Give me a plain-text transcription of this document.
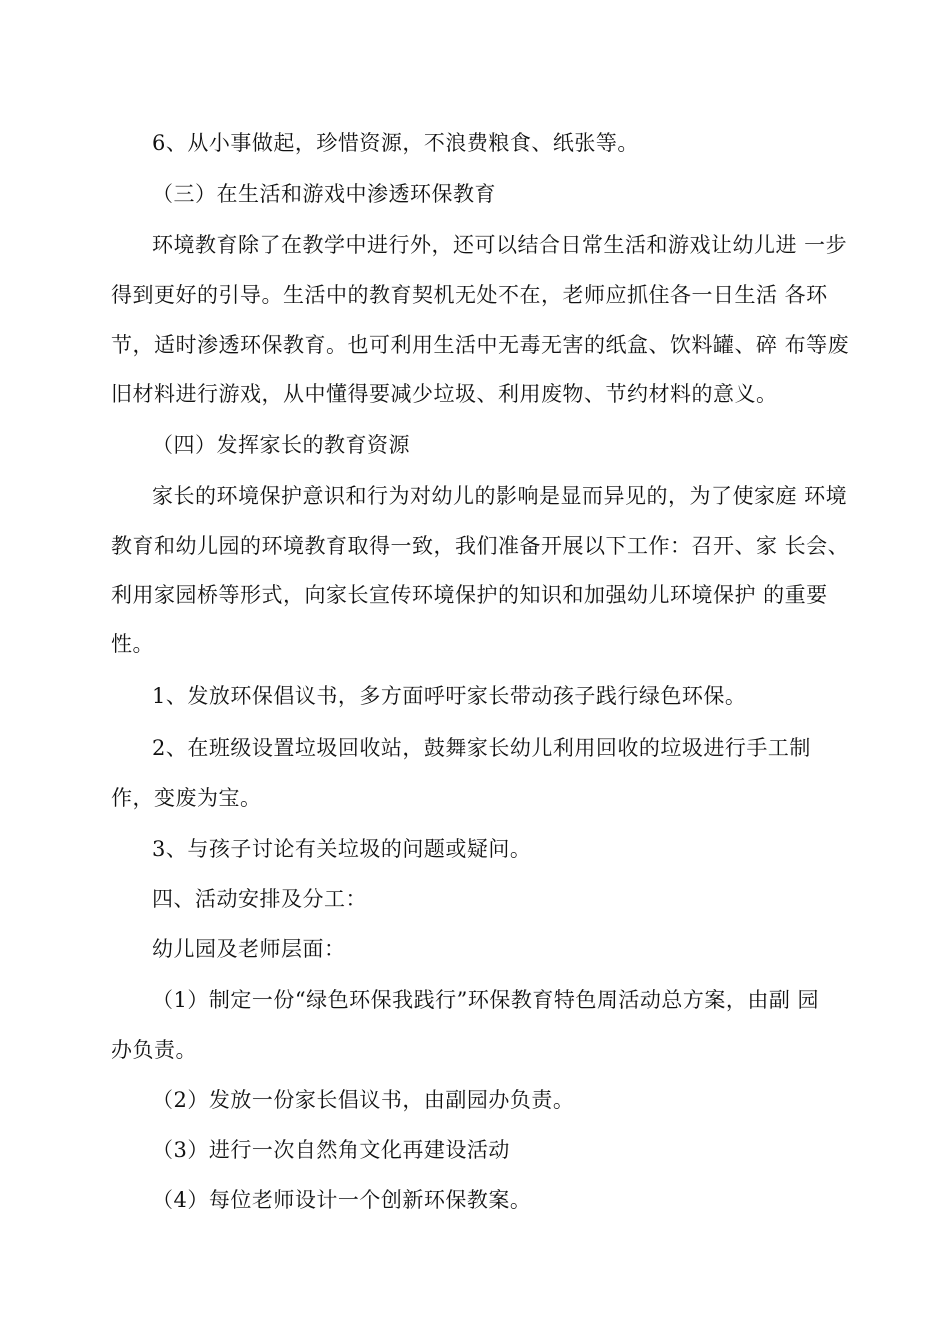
6、从小事做起，珍惜资源，不浪费粮食、纸张等。
（三）在生活和游戏中渗透环保教育
环境教育除了在教学中进行外，还可以结合日常生活和游戏让幼儿进 一步
得到更好的引导。生活中的教育契机无处不在，老师应抓住各一日生活 各环
节，适时渗透环保教育。也可利用生活中无毒无害的纸盒、饮料罐、碎 布等废
旧材料进行游戏，从中懂得要减少垃圾、利用废物、节约材料的意义。
（四）发挥家长的教育资源
家长的环境保护意识和行为对幼儿的影响是显而异见的，为了使家庭 环境
教育和幼儿园的环境教育取得一致，我们准备开展以下工作：召开、家 长会、
利用家园桥等形式，向家长宣传环境保护的知识和加强幼儿环境保护 的重要
性。
1、发放环保倡议书，多方面呼吁家长带动孩子践行绿色环保。
2、在班级设置垃圾回收站，鼓舞家长幼儿利用回收的垃圾进行手工制
作，变废为宝。
3、与孩子讨论有关垃圾的问题或疑问。
四、活动安排及分工：
幼儿园及老师层面：
（1）制定一份“绿色环保我践行”环保教育特色周活动总方案，由副 园
办负责。
（2）发放一份家长倡议书，由副园办负责。
（3）进行一次自然角文化再建设活动
（4）每位老师设计一个创新环保教案。
